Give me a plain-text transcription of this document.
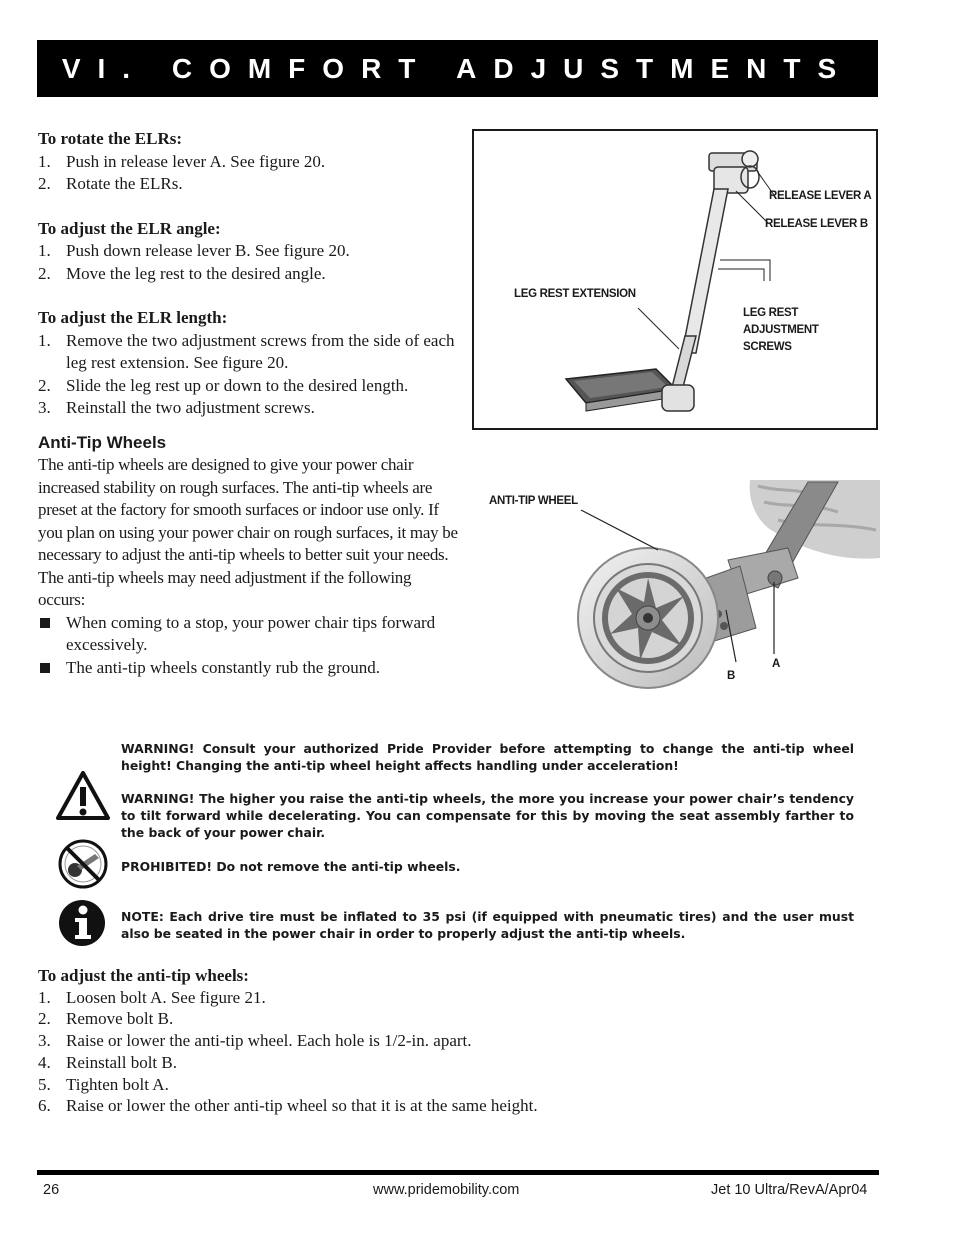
VI. COMFORT ADJUSTMENTS
To rotate the ELRs:
1. Push in release lever A. See figure 20.
2. Rotate the ELRs.
To adjust the ELR angle:
1. Push down release lever B. See figure 20.
2. Move the leg rest to the desired angle.
To adjust the ELR length:
1. Remove the two adjustment screws from the side of each leg rest extension. See figure 20.
2. Slide the leg rest up or down to the desired length.
3. Reinstall the two adjustment screws.
Anti-Tip Wheels

The anti-tip wheels are designed to give your power chair increased stability on rough surfaces. The anti-tip wheels are preset at the factory for smooth surfaces or indoor use only. If you plan on using your power chair on rough surfaces, it may be necessary to adjust the anti-tip wheels to better suit your needs. The anti-tip wheels may need adjustment if the following occurs:

When coming to a stop, your power chair tips forward excessively.
The anti-tip wheels constantly rub the ground.
RELEASE LEVER A
RELEASE LEVER B
LEG REST EXTENSION
LEG REST
ADJUSTMENT
SCREWS
ANTI-TIP WHEEL
A
B

WARNING! Consult your authorized Pride Provider before attempting to change the anti-tip wheel height! Changing the anti-tip wheel height affects handling under acceleration!

WARNING! The higher you raise the anti-tip wheels, the more you increase your power chair’s tendency to tilt forward while decelerating. You can compensate for this by moving the seat assembly farther to the back of your power chair.

PROHIBITED! Do not remove the anti-tip wheels.

NOTE: Each drive tire must be inflated to 35 psi (if equipped with pneumatic tires) and the user must also be seated in the power chair in order to properly adjust the anti-tip wheels.

To adjust the anti-tip wheels:
1. Loosen bolt A. See figure 21.
2. Remove bolt B.
3. Raise or lower the anti-tip wheel. Each hole is 1/2-in. apart.
4. Reinstall bolt B.
5. Tighten bolt A.
6. Raise or lower the other anti-tip wheel so that it is at the same height.
26	www.pridemobility.com	Jet 10 Ultra/RevA/Apr04
